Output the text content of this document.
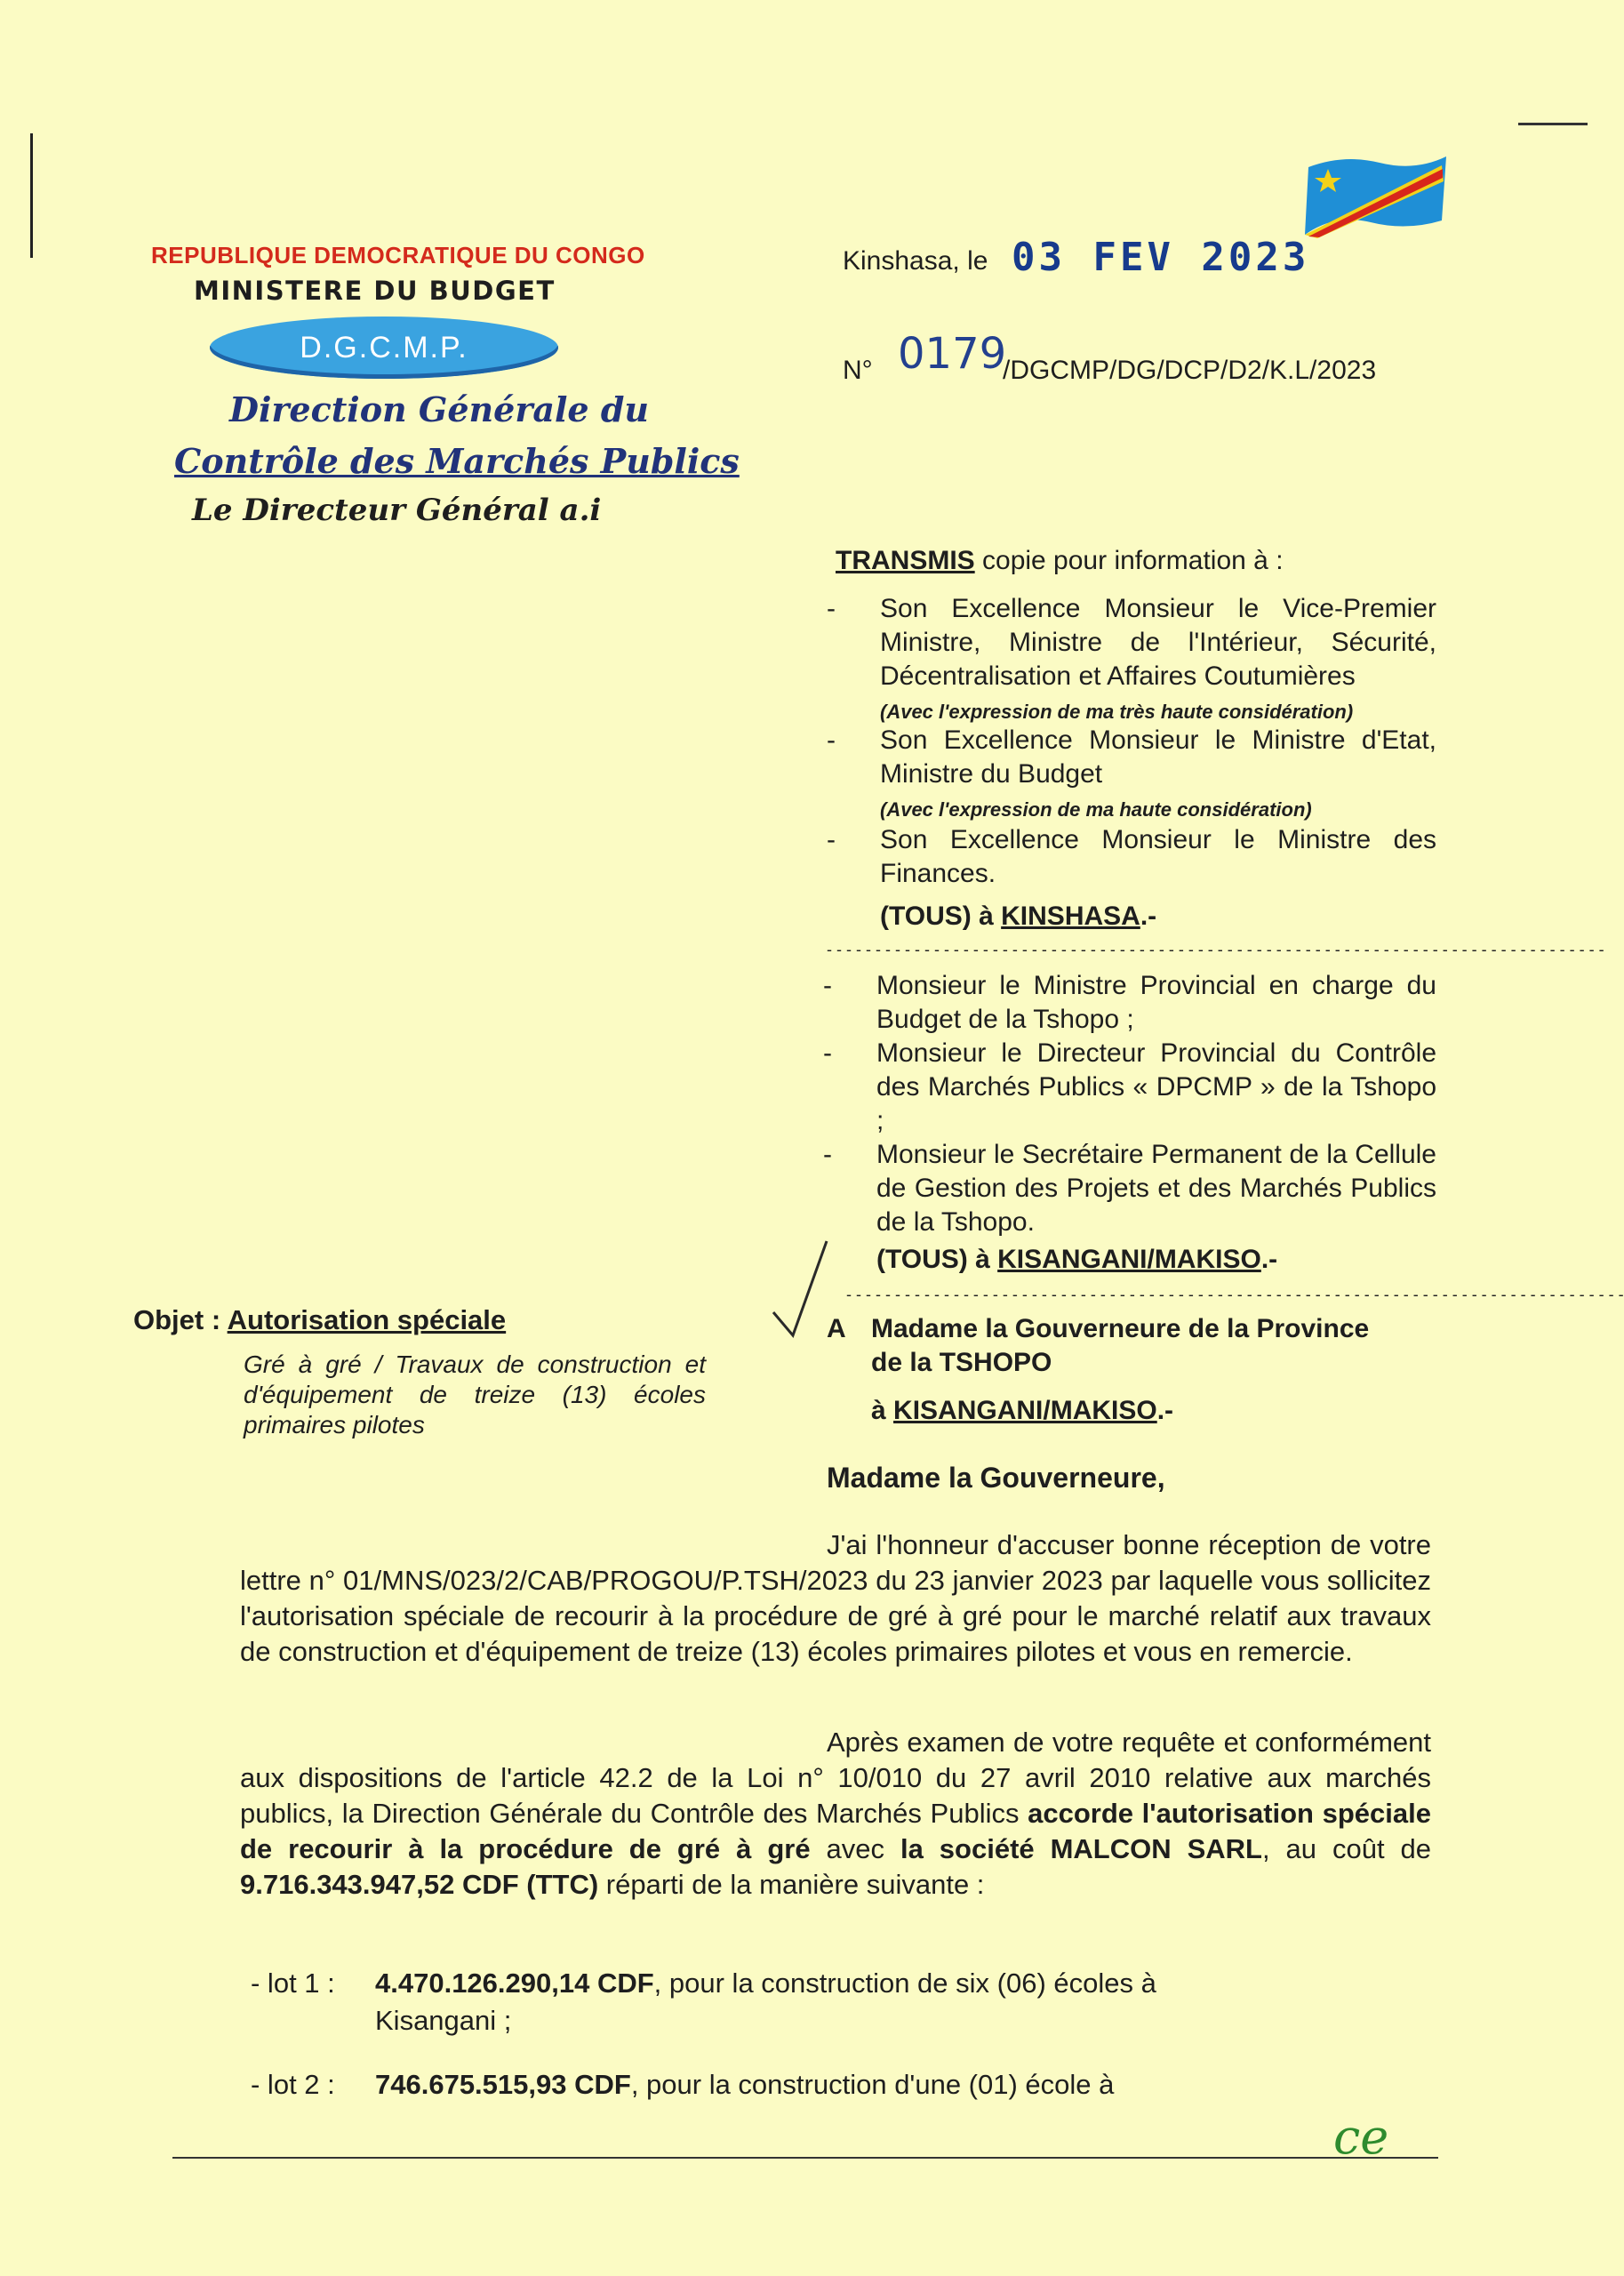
REPUBLIQUE DEMOCRATIQUE DU CONGO
MINISTERE DU BUDGET
D.G.C.M.P.
Direction Générale du
Contrôle des Marchés Publics
Le Directeur Général a.i
Kinshasa, le 03 FEV 2023
N° 0179
/DGCMP/DG/DCP/D2/K.L/2023
TRANSMIS copie pour information à :
- Son Excellence Monsieur le Vice-Premier Ministre, Ministre de l'Intérieur, Sécurité, Décentralisation et Affaires Coutumières
(Avec l'expression de ma très haute considération)
- Son Excellence Monsieur le Ministre d'Etat, Ministre du Budget
(Avec l'expression de ma haute considération)
- Son Excellence Monsieur le Ministre des Finances.
(TOUS) à KINSHASA.-
- - - - - - - - - - - - - - - - - - - - - - - - - - - - - - - - - - - - - - - - - - - - - - - - - - - - - - - - - - - - - - - - - - - - - - - - - - - - - - - -
- Monsieur le Ministre Provincial en charge du Budget de la Tshopo ;
- Monsieur le Directeur Provincial du Contrôle des Marchés Publics « DPCMP » de la Tshopo ;
- Monsieur le Secrétaire Permanent de la Cellule de Gestion des Projets et des Marchés Publics de la Tshopo.
(TOUS) à KISANGANI/MAKISO.-
- - - - - - - - - - - - - - - - - - - - - - - - - - - - - - - - - - - - - - - - - - - - - - - - - - - - - - - - - - - - - - - - - - - - - - - - - - - - - - - -
Objet : Autorisation spéciale
Gré à gré / Travaux de construction et d'équipement de treize (13) écoles primaires pilotes
A Madame la Gouverneure de la Province
de la TSHOPO
à KISANGANI/MAKISO.-
Madame la Gouverneure,
J'ai l'honneur d'accuser bonne réception de votre lettre n° 01/MNS/023/2/CAB/PROGOU/P.TSH/2023 du 23 janvier 2023 par laquelle vous sollicitez l'autorisation spéciale de recourir à la procédure de gré à gré pour le marché relatif aux travaux de construction et d'équipement de treize (13) écoles primaires pilotes et vous en remercie.
Après examen de votre requête et conformément aux dispositions de l'article 42.2 de la Loi n° 10/010 du 27 avril 2010 relative aux marchés publics, la Direction Générale du Contrôle des Marchés Publics accorde l'autorisation spéciale de recourir à la procédure de gré à gré avec la société MALCON SARL, au coût de 9.716.343.947,52 CDF (TTC) réparti de la manière suivante :
- lot 1 : 4.470.126.290,14 CDF, pour la construction de six (06) écoles à
Kisangani ;
- lot 2 : 746.675.515,93 CDF, pour la construction d'une (01) école à
ce
